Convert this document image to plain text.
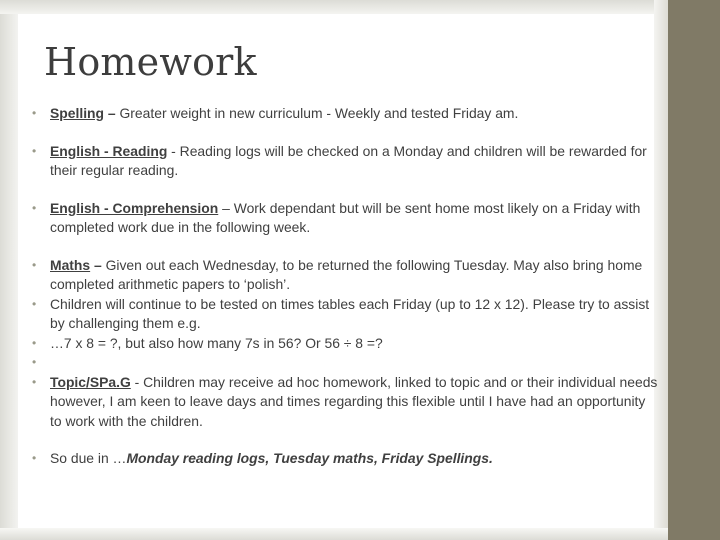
Homework
• Spelling – Greater weight in new curriculum - Weekly and tested Friday am.
• English - Reading - Reading logs will be checked on a Monday and children will be rewarded for their regular reading.
• English - Comprehension – Work dependant but will be sent home most likely on a Friday with completed work due in the following week.
• Maths – Given out each Wednesday, to be returned the following Tuesday. May also bring home completed arithmetic papers to ‘polish’.
• Children will continue to be tested on times tables each Friday (up to 12 x 12). Please try to assist by challenging them e.g.
• …7 x 8 = ?, but also how many 7s in 56? Or 56 ÷ 8 =?
•

• Topic/SPa.G - Children may receive ad hoc homework, linked to topic and or their individual needs however, I am keen to leave days and times regarding this flexible until I have had an opportunity to work with the children.
• So due in …Monday reading logs, Tuesday maths, Friday Spellings.
